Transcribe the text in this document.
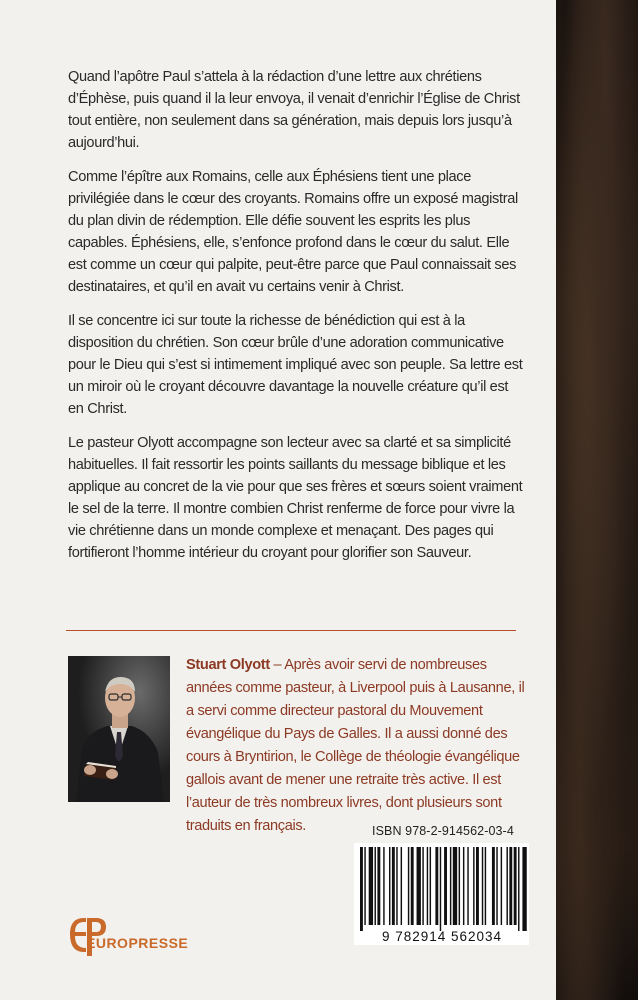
Quand l’apôtre Paul s’attela à la rédaction d’une lettre aux chrétiens d’Éphèse, puis quand il la leur envoya, il venait d’enrichir l’Église de Christ tout entière, non seulement dans sa génération, mais depuis lors jusqu’à aujourd’hui.

Comme l’épître aux Romains, celle aux Éphésiens tient une place privilégiée dans le cœur des croyants. Romains offre un exposé magistral du plan divin de rédemption. Elle défie souvent les esprits les plus capables. Éphésiens, elle, s’enfonce profond dans le cœur du salut. Elle est comme un cœur qui palpite, peut-être parce que Paul connaissait ses destinataires, et qu’il en avait vu certains venir à Christ.

Il se concentre ici sur toute la richesse de bénédiction qui est à la disposition du chrétien. Son cœur brûle d’une adoration communicative pour le Dieu qui s’est si intimement impliqué avec son peuple. Sa lettre est un miroir où le croyant découvre davantage la nouvelle créature qu’il est en Christ.

Le pasteur Olyott accompagne son lecteur avec sa clarté et sa simplicité habituelles. Il fait ressortir les points saillants du message biblique et les applique au concret de la vie pour que ses frères et sœurs soient vraiment le sel de la terre. Il montre combien Christ renferme de force pour vivre la vie chrétienne dans un monde complexe et menaçant. Des pages qui fortifieront l’homme intérieur du croyant pour glorifier son Sauveur.

Stuart Olyott – Après avoir servi de nombreuses années comme pasteur, à Liverpool puis à Lausanne, il a servi comme directeur pastoral du Mouvement évangélique du Pays de Galles. Il a aussi donné des cours à Bryntirion, le Collège de théologie évangélique gallois avant de mener une retraite très active. Il est l’auteur de très nombreux livres, dont plusieurs sont traduits en français.	ISBN 978-2-914562-03-4
9 782914 562034
EUROPRESSE
